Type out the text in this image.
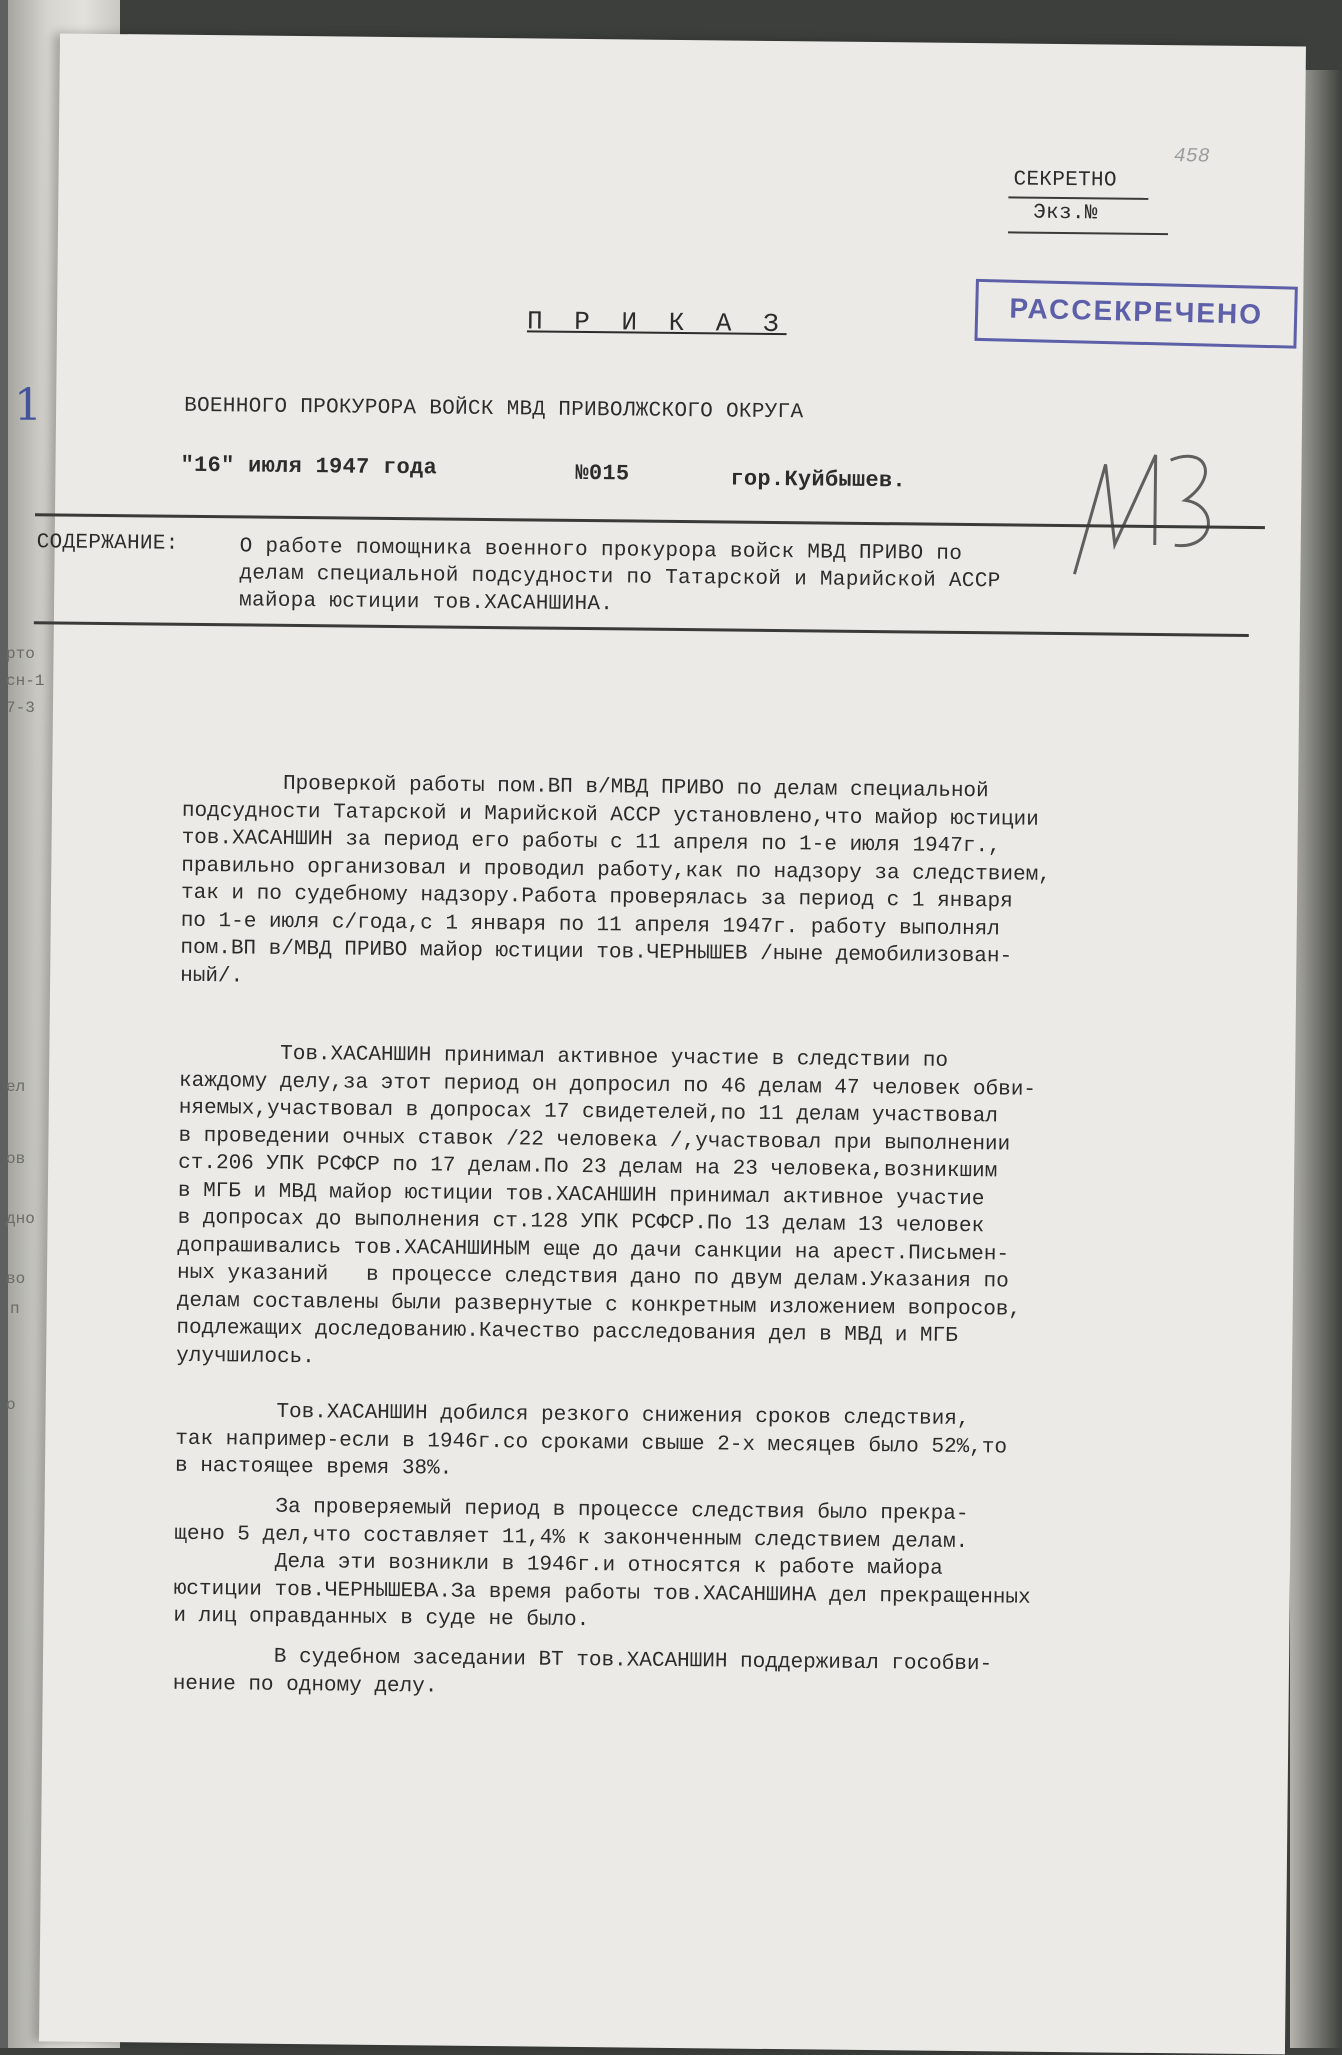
1
рто
сн-1
7-3
ел
ов
дно
во
п
о
458
СЕКРЕТНО
Экз.№
РАССЕКРЕЧЕНО
П Р И К А З
ВОЕННОГО ПРОКУРОРА ВОЙСК МВД ПРИВОЛЖСКОГО ОКРУГА
"16" июля 1947 года	№015	гор.Куйбышев.
ИЗ
СОДЕРЖАНИЕ:	О работе помощника военного прокурора войск МВД ПРИВО по
делам специальной подсудности по Татарской и Марийской АССР
майора юстиции тов.ХАСАНШИНА.
Проверкой работы пом.ВП в/МВД ПРИВО по делам специальной
подсудности Татарской и Марийской АССР установлено,что майор юстиции
тов.ХАСАНШИН за период его работы с 11 апреля по 1-е июля 1947г.,
правильно организовал и проводил работу,как по надзору за следствием,
так и по судебному надзору.Работа проверялась за период с 1 января
по 1-е июля с/года,с 1 января по 11 апреля 1947г. работу выполнял
пом.ВП в/МВД ПРИВО майор юстиции тов.ЧЕРНЫШЕВ /ныне демобилизован-
ный/.
Тов.ХАСАНШИН принимал активное участие в следствии по
каждому делу,за этот период он допросил по 46 делам 47 человек обви-
няемых,участвовал в допросах 17 свидетелей,по 11 делам участвовал
в проведении очных ставок /22 человека /,участвовал при выполнении
ст.206 УПК РСФСР по 17 делам.По 23 делам на 23 человека,возникшим
в МГБ и МВД майор юстиции тов.ХАСАНШИН принимал активное участие
в допросах до выполнения ст.128 УПК РСФСР.По 13 делам 13 человек
допрашивались тов.ХАСАНШИНЫМ еще до дачи санкции на арест.Письмен-
ных указаний   в процессе следствия дано по двум делам.Указания по
делам составлены были развернутые с конкретным изложением вопросов,
подлежащих доследованию.Качество расследования дел в МВД и МГБ
улучшилось.
Тов.ХАСАНШИН добился резкого снижения сроков следствия,
так например-если в 1946г.со сроками свыше 2-х месяцев было 52%,то
в настоящее время 38%.
За проверяемый период в процессе следствия было прекра-
щено 5 дел,что составляет 11,4% к законченным следствием делам.
Дела эти возникли в 1946г.и относятся к работе майора
юстиции тов.ЧЕРНЫШЕВА.За время работы тов.ХАСАНШИНА дел прекращенных
и лиц оправданных в суде не было.
В судебном заседании ВТ тов.ХАСАНШИН поддерживал гособви-
нение по одному делу.
